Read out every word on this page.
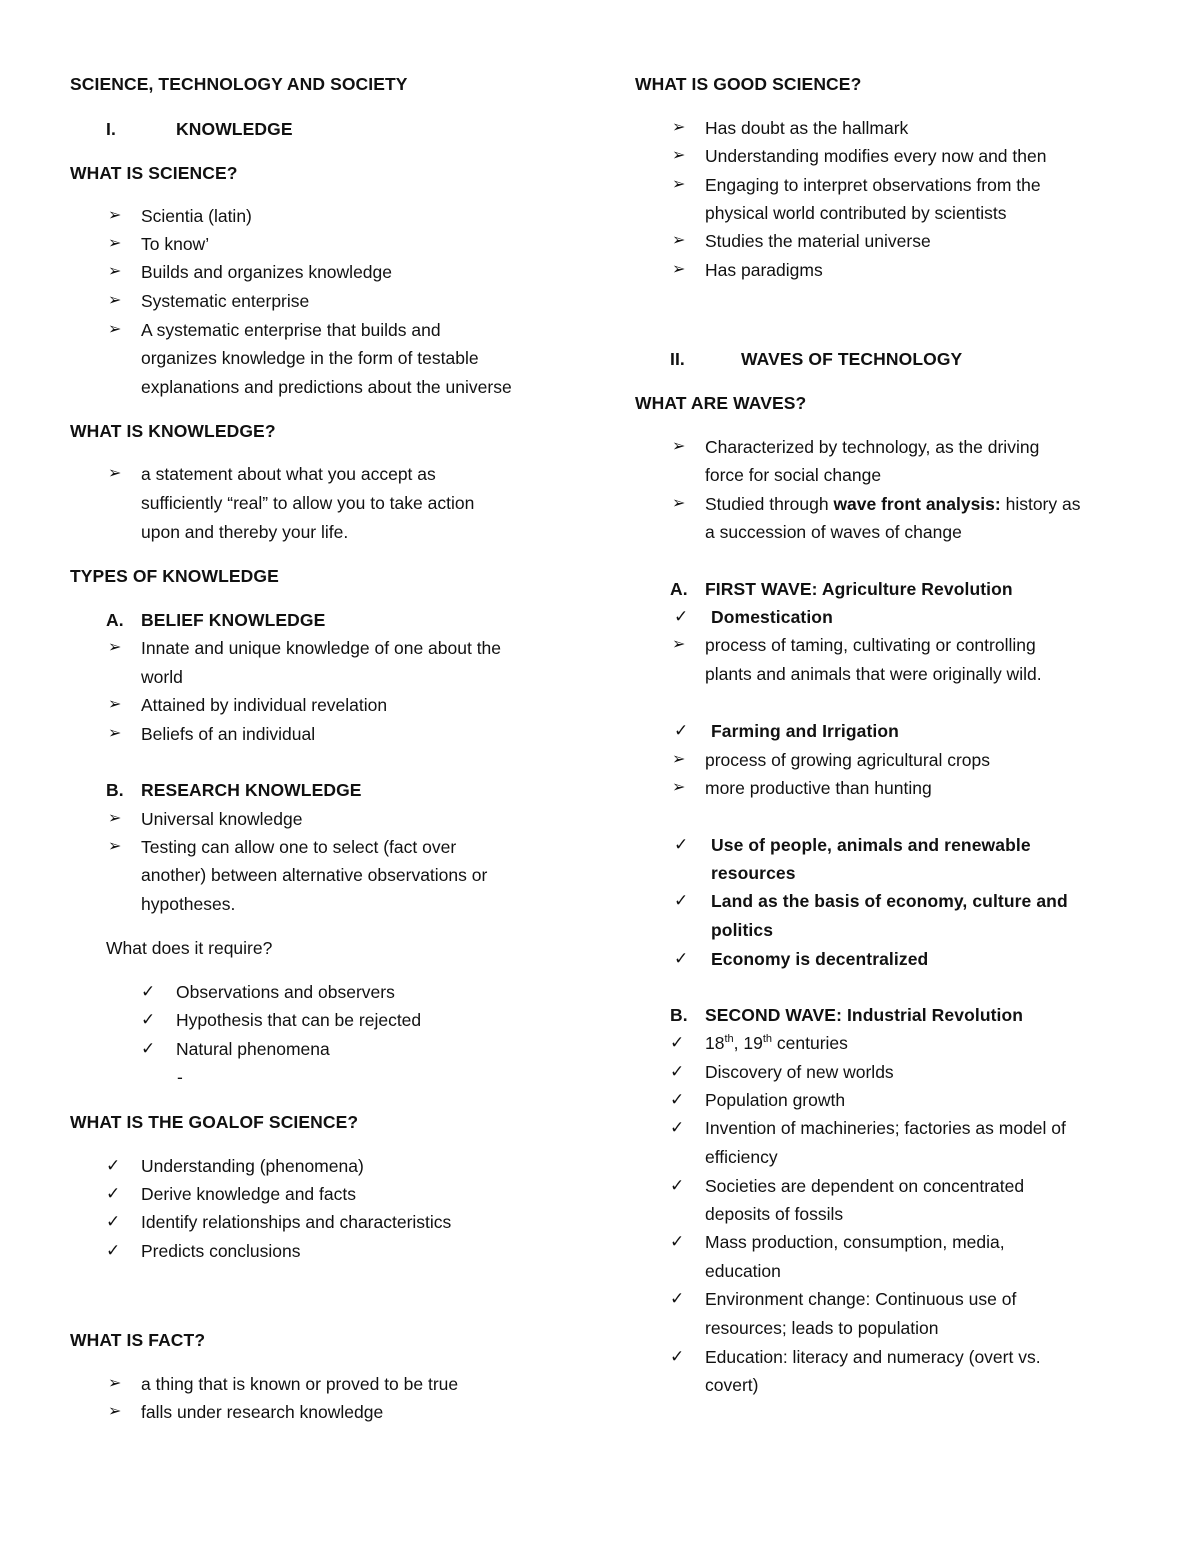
SCIENCE, TECHNOLOGY AND SOCIETY
I.	KNOWLEDGE
WHAT IS SCIENCE?
➢ Scientia (latin)
➢ To know’
➢ Builds and organizes knowledge
➢ Systematic enterprise
➢ A systematic enterprise that builds and
organizes knowledge in the form of testable
explanations and predictions about the universe
WHAT IS KNOWLEDGE?
➢ a statement about what you accept as
sufficiently “real” to allow you to take action
upon and thereby your life.
TYPES OF KNOWLEDGE
A. BELIEF KNOWLEDGE
➢ Innate and unique knowledge of one about the
world
➢ Attained by individual revelation
➢ Beliefs of an individual
B. RESEARCH KNOWLEDGE
➢ Universal knowledge
➢ Testing can allow one to select (fact over
another) between alternative observations or
hypotheses.
What does it require?
✓ Observations and observers
✓ Hypothesis that can be rejected
✓ Natural phenomena
-
WHAT IS THE GOALOF SCIENCE?
✓ Understanding (phenomena)
✓ Derive knowledge and facts
✓ Identify relationships and characteristics
✓ Predicts conclusions
WHAT IS FACT?
➢ a thing that is known or proved to be true
➢ falls under research knowledge
WHAT IS GOOD SCIENCE?
➢ Has doubt as the hallmark
➢ Understanding modifies every now and then
➢ Engaging to interpret observations from the
physical world contributed by scientists
➢ Studies the material universe
➢ Has paradigms
II.	WAVES OF TECHNOLOGY
WHAT ARE WAVES?
➢ Characterized by technology, as the driving
force for social change
➢ Studied through wave front analysis: history as
a succession of waves of change
A. FIRST WAVE: Agriculture Revolution
✓ Domestication
➢ process of taming, cultivating or controlling
plants and animals that were originally wild.
✓ Farming and Irrigation
➢ process of growing agricultural crops
➢ more productive than hunting
✓ Use of people, animals and renewable
resources
✓ Land as the basis of economy, culture and
politics
✓ Economy is decentralized
B. SECOND WAVE: Industrial Revolution
✓ 18th, 19th centuries
✓ Discovery of new worlds
✓ Population growth
✓ Invention of machineries; factories as model of
efficiency
✓ Societies are dependent on concentrated
deposits of fossils
✓ Mass production, consumption, media,
education
✓ Environment change: Continuous use of
resources; leads to population
✓ Education: literacy and numeracy (overt vs.
covert)
